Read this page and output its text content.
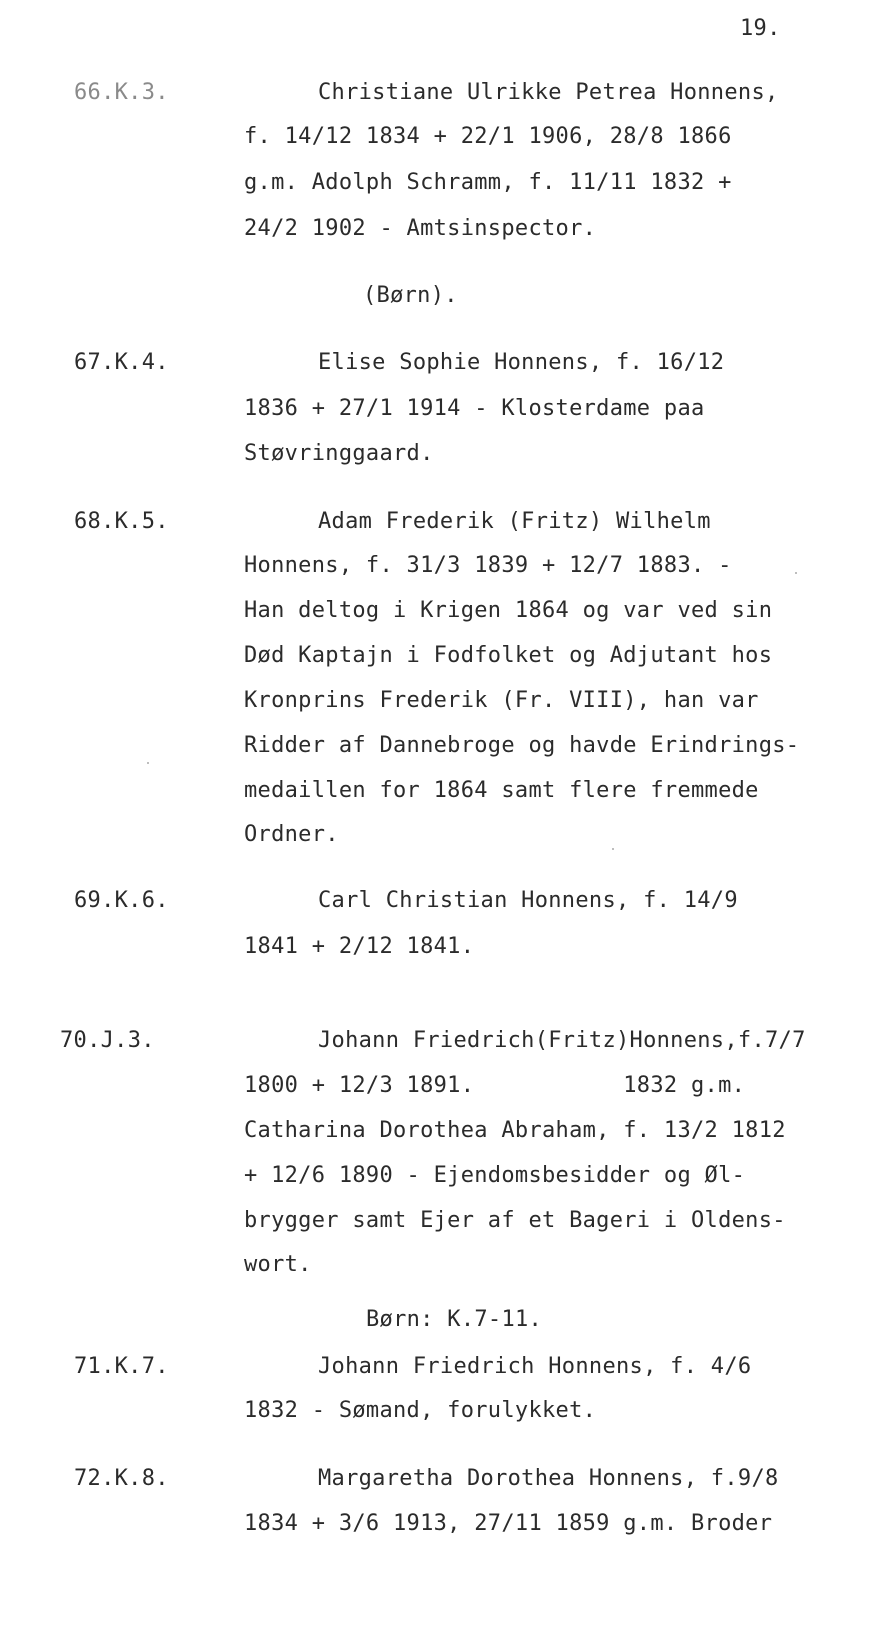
19.
66.K.3.	Christiane Ulrikke Petrea Honnens,
f. 14/12 1834 + 22/1 1906, 28/8 1866
g.m. Adolph Schramm, f. 11/11 1832 +
24/2 1902 - Amtsinspector.
(Børn).
67.K.4.	Elise Sophie Honnens, f. 16/12
1836 + 27/1 1914 - Klosterdame paa
Støvringgaard.
68.K.5.	Adam Frederik (Fritz) Wilhelm
Honnens, f. 31/3 1839 + 12/7 1883. -
Han deltog i Krigen 1864 og var ved sin
Død Kaptajn i Fodfolket og Adjutant hos
Kronprins Frederik (Fr. VIII), han var
Ridder af Dannebroge og havde Erindrings-
medaillen for 1864 samt flere fremmede
Ordner.
69.K.6.	Carl Christian Honnens, f. 14/9
1841 + 2/12 1841.
70.J.3.	Johann Friedrich(Fritz)Honnens,f.7/7
1800 + 12/3 1891.           1832 g.m.
Catharina Dorothea Abraham, f. 13/2 1812
+ 12/6 1890 - Ejendomsbesidder og Øl-
brygger samt Ejer af et Bageri i Oldens-
wort.
Børn: K.7-11.
71.K.7.	Johann Friedrich Honnens, f. 4/6
1832 - Sømand, forulykket.
72.K.8.	Margaretha Dorothea Honnens, f.9/8
1834 + 3/6 1913, 27/11 1859 g.m. Broder
